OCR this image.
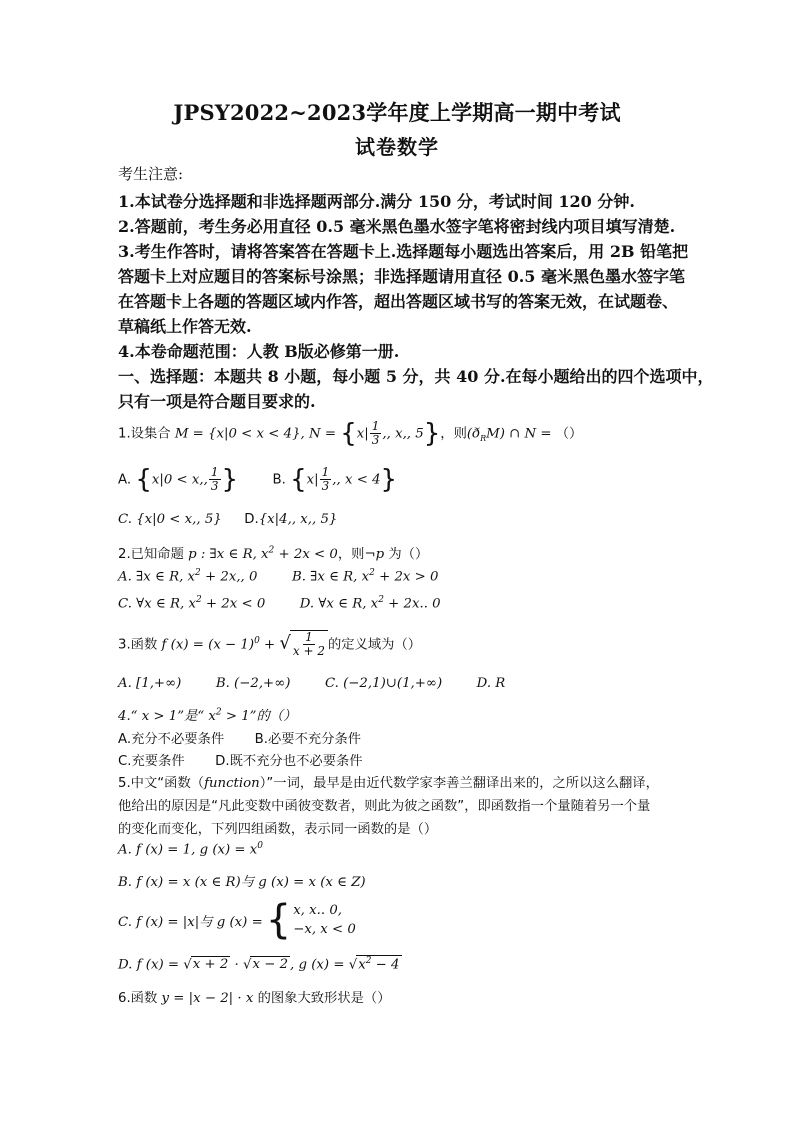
JPSY2022~2023学年度上学期高一期中考试
试卷数学
考生注意:
1.本试卷分选择题和非选择题两部分.满分 150 分，考试时间 120 分钟.
2.答题前，考生务必用直径 0.5 毫米黑色墨水签字笔将密封线内项目填写清楚.
3.考生作答时，请将答案答在答题卡上.选择题每小题选出答案后，用 2B 铅笔把
答题卡上对应题目的答案标号涂黑；非选择题请用直径 0.5 毫米黑色墨水签字笔
在答题卡上各题的答题区域内作答，超出答题区域书写的答案无效，在试题卷、
草稿纸上作答无效.
4.本卷命题范围：人教 B版必修第一册.
一、选择题：本题共 8 小题，每小题 5 分，共 40 分.在每小题给出的四个选项中，
只有一项是符合题目要求的.
1.设集合 M = {x|0 < x < 4}, $N = \{x| \frac{1}{3}$ ,, x,, 5}，则$(ð_RM)$ ∩ N = （）
A. {x|0 < x,, $\frac{1}{3}$ }	B. {$x| \frac{1}{3}$ ,, x < 4}
C. {x|0 < x,, 5} D.{x|4,, x,, 5}
2.已知命题 p : ∃x ∈ R, $x^2 + 2x < 0$，则¬p 为（）
A. ∃x ∈ R, $x^2 + 2x$,, 0	B. ∃x ∈ R, $x^2 + 2x > 0$
C. ∀x ∈ R, $x^2 + 2x < 0$	D. ∀x ∈ R, $x^2 + 2x$.. 0
3.函数 f $(x) = (x - 1)^0$ + √ $\frac{1}{x + 2}$ 的定义域为（）
A. [1,+∞)	B. (−2,+∞)	C. (−2,1)∪(1,+∞)	D. R
4.“ x > 1”是“ $x^2 > 1$”的（）
A.充分不必要条件 B.必要不充分条件
C.充要条件 D.既不充分也不必要条件
5.中文“函数（function）”一词，最早是由近代数学家李善兰翻译出来的，之所以这么翻译，
他给出的原因是“凡此变数中函彼变数者，则此为彼之函数”，即函数指一个量随着另一个量
的变化而变化，下列四组函数，表示同一函数的是（）
A. f (x) = 1, g $(x) = x^0$
B. f (x) = x (x ∈ R)与 g (x) = x (x ∈ Z)
C. f (x) = |x|与 g (x) = { x, x.. 0,
−x, x < 0
D. f (x) = √x + 2 · √x − 2 , g $(x) = √x^2 - 4$
6.函数 y = |x − 2| · x 的图象大致形状是（）
